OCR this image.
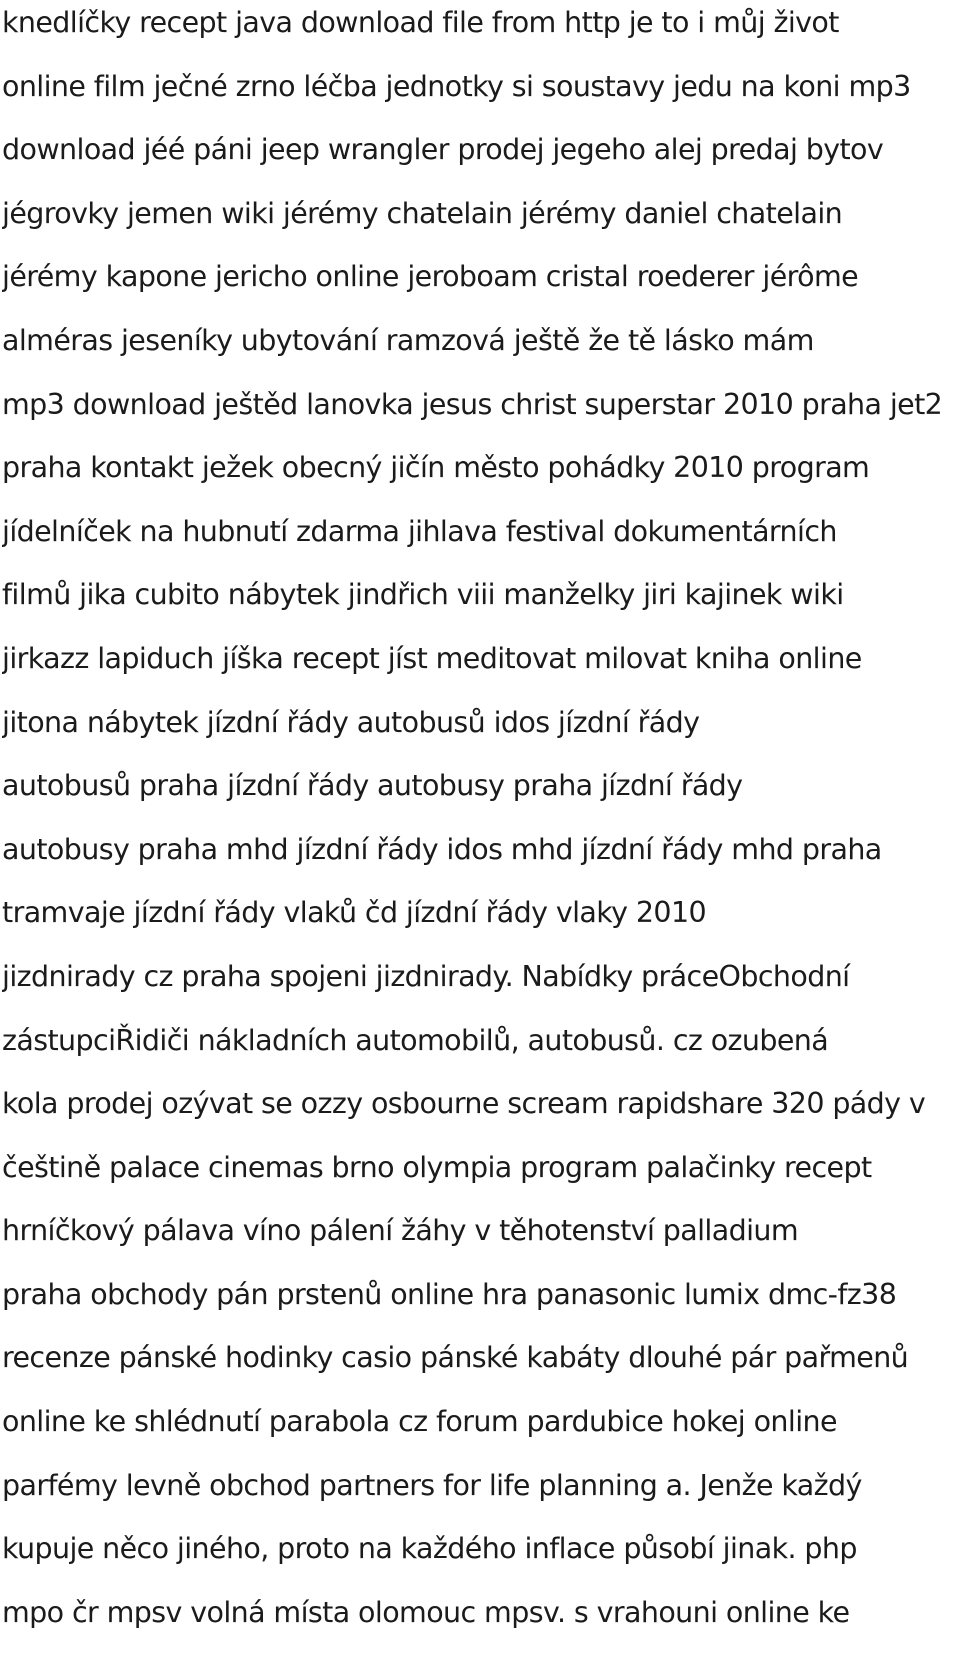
knedlíčky recept java download file from http je to i můj život
online film ječné zrno léčba jednotky si soustavy jedu na koni mp3
download jéé páni jeep wrangler prodej jegeho alej predaj bytov
jégrovky jemen wiki jérémy chatelain jérémy daniel chatelain
jérémy kapone jericho online jeroboam cristal roederer jérôme
alméras jeseníky ubytování ramzová ještě že tě lásko mám
mp3 download ještěd lanovka jesus christ superstar 2010 praha jet2
praha kontakt ježek obecný jičín město pohádky 2010 program
jídelníček na hubnutí zdarma jihlava festival dokumentárních
filmů jika cubito nábytek jindřich viii manželky jiri kajinek wiki
jirkazz lapiduch jíška recept jíst meditovat milovat kniha online
jitona nábytek jízdní řády autobusů idos jízdní řády
autobusů praha jízdní řády autobusy praha jízdní řády
autobusy praha mhd jízdní řády idos mhd jízdní řády mhd praha
tramvaje jízdní řády vlaků čd jízdní řády vlaky 2010
jizdnirady cz praha spojeni jizdnirady. Nabídky práceObchodní
zástupciŘidiči nákladních automobilů, autobusů. cz ozubená
kola prodej ozývat se ozzy osbourne scream rapidshare 320 pády v
češtině palace cinemas brno olympia program palačinky recept
hrníčkový pálava víno pálení žáhy v těhotenství palladium
praha obchody pán prstenů online hra panasonic lumix dmc-fz38
recenze pánské hodinky casio pánské kabáty dlouhé pár pařmenů
online ke shlédnutí parabola cz forum pardubice hokej online
parfémy levně obchod partners for life planning a. Jenže každý
kupuje něco jiného, proto na každého inflace působí jinak. php
mpo čr mpsv volná místa olomouc mpsv. s vrahouni online ke
